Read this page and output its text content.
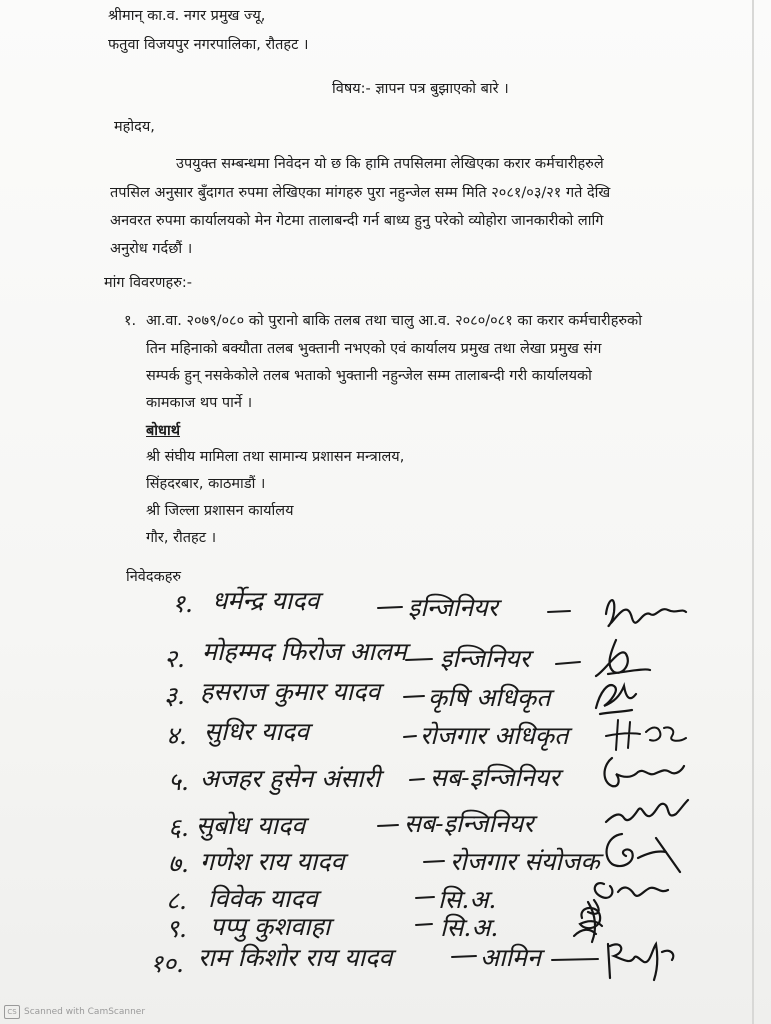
श्रीमान् का.व. नगर प्रमुख ज्यू,
फतुवा विजयपुर नगरपालिका, रौतहट ।
विषय:- ज्ञापन पत्र बुझाएको बारे ।
महोदय,
उपयुक्त सम्बन्धमा निवेदन यो छ कि हामि तपसिलमा लेखिएका करार कर्मचारीहरुले
तपसिल अनुसार बुँदागत रुपमा लेखिएका मांगहरु पुरा नहुन्जेल सम्म मिति २०८१/०३/२१ गते देखि
अनवरत रुपमा कार्यालयको मेन गेटमा तालाबन्दी गर्न बाध्य हुनु परेको व्योहोरा जानकारीको लागि
अनुरोध गर्दछौं ।
मांग विवरणहरु:-
१. आ.वा. २०७९/०८० को पुरानो बाकि तलब तथा चालु आ.व. २०८०/०८१ का करार कर्मचारीहरुको
तिन महिनाको बक्यौता तलब भुक्तानी नभएको एवं कार्यालय प्रमुख तथा लेखा प्रमुख संग
सम्पर्क हुन् नसकेकोले तलब भताको भुक्तानी नहुन्जेल सम्म तालाबन्दी गरी कार्यालयको
कामकाज थप पार्ने ।
बोधार्थ
श्री संघीय मामिला तथा सामान्य प्रशासन मन्त्रालय,
सिंहदरबार, काठमाडौं ।
श्री जिल्ला प्रशासन कार्यालय
गौर, रौतहट ।
निवेदकहरु
१. धर्मेन्द्र यादव	इन्जिनियर
२. मोहम्मद फिरोज आलम इन्जिनियर
३. हसराज कुमार यादव कृषि अधिकृत
४. सुधिर यादव	रोजगार अधिकृत
५. अजहर हुसेन अंसारी सब-इन्जिनियर
६. सुबोध यादव	सब-इन्जिनियर
७. गणेश राय यादव	रोजगार संयोजक
८. विवेक यादव	सि.अ.
९. पप्पु कुशवाहा	सि.अ.
१०. राम किशोर राय यादव	आमिन
CS Scanned with CamScanner
